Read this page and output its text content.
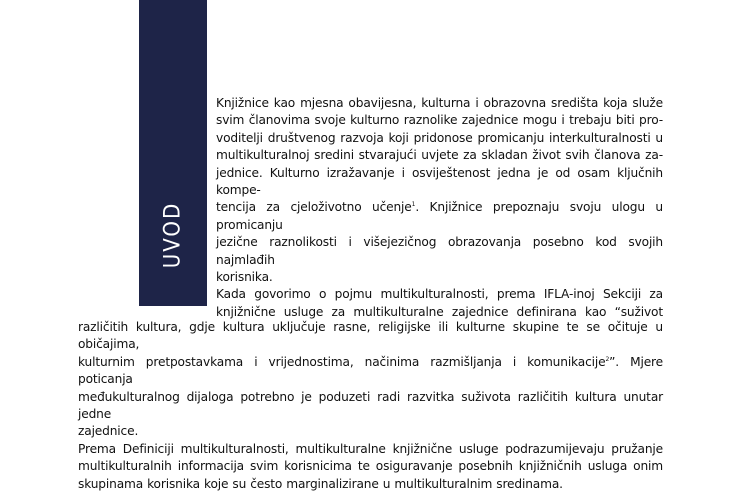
UVOD

Knjižnice kao mjesna obavijesna, kulturna i obrazovna središta koja služe
svim članovima svoje kulturno raznolike zajednice mogu i trebaju biti pro-
voditelji društvenog razvoja koji pridonose promicanju interkulturalnosti u
multikulturalnoj sredini stvarajući uvjete za skladan život svih članova za-
jednice. Kulturno izražavanje i osviještenost jedna je od osam ključnih kompe-
tencija za cjeloživotno učenje$^1$. Knjižnice prepoznaju svoju ulogu u promicanju
jezične raznolikosti i višejezičnog obrazovanja posebno kod svojih najmlađih
korisnika.

Kada govorimo o pojmu multikulturalnosti, prema IFLA-inoj Sekciji za
knjižnične usluge za multikulturalne zajednice definirana kao “suživot

različitih kultura, gdje kultura uključuje rasne, religijske ili kulturne skupine te se očituje u običajima,
kulturnim pretpostavkama i vrijednostima, načinima razmišljanja i komunikacije$^2$”. Mjere poticanja
međukulturalnog dijaloga potrebno je poduzeti radi razvitka suživota različitih kultura unutar jedne
zajednice.

Prema Definiciji multikulturalnosti, multikulturalne knjižnične usluge podrazumijevaju pružanje
multikulturalnih informacija svim korisnicima te osiguravanje posebnih knjižničnih usluga onim
skupinama korisnika koje su često marginalizirane u multikulturalnim sredinama.
